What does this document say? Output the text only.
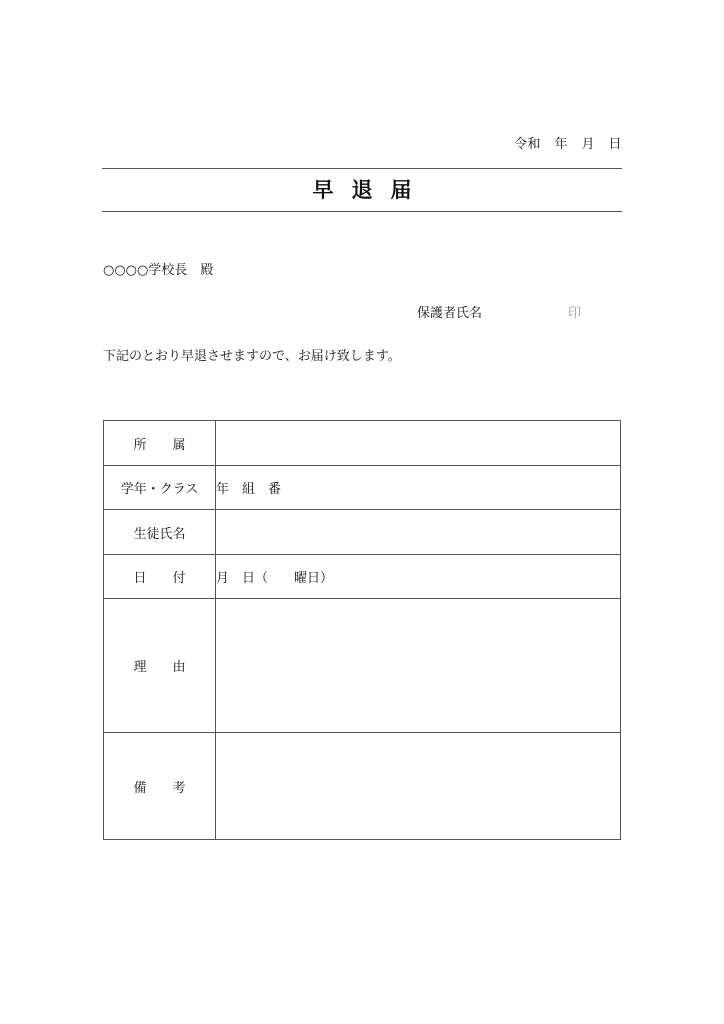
令和　年　月　日
早退届
○○○○学校長　殿
保護者氏名	印
下記のとおり早退させますので、お届け致します。
所　　属	
学年・クラス	年　組　番
生徒氏名	
日　　付	月　日（　　曜日）
理　　由	
備　　考	
